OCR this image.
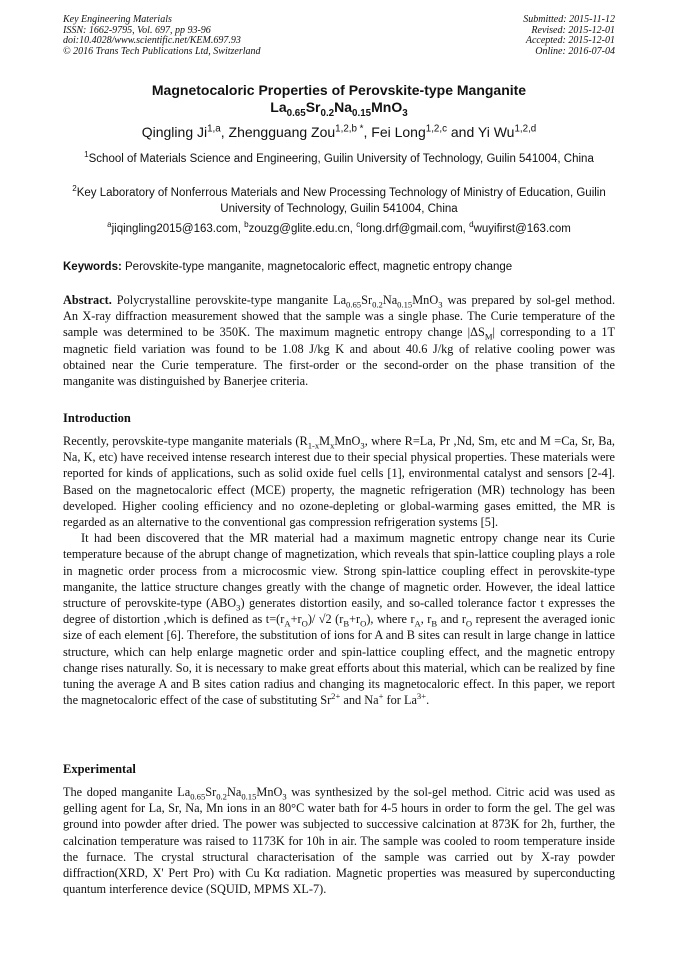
Key Engineering Materials
ISSN: 1662-9795, Vol. 697, pp 93-96
doi:10.4028/www.scientific.net/KEM.697.93
© 2016 Trans Tech Publications Ltd, Switzerland
Submitted: 2015-11-12
Revised: 2015-12-01
Accepted: 2015-12-01
Online: 2016-07-04
Magnetocaloric Properties of Perovskite-type Manganite
$La_{0.65}Sr_{0.2}Na_{0.15}MnO_3$
Qingling Ji$^{1,a}$, Zhengguang Zou$^{1,2,b *}$, Fei Long$^{1,2,c}$ and Yi Wu$^{1,2,d}$
$^1$School of Materials Science and Engineering, Guilin University of Technology, Guilin 541004, China
$^2$Key Laboratory of Nonferrous Materials and New Processing Technology of Ministry of Education, Guilin University of Technology, Guilin 541004, China
$^a$jiqingling2015@163.com, $^b$zouzg@glite.edu.cn, $^c$long.drf@gmail.com, $^d$wuyifirst@163.com
Keywords: Perovskite-type manganite, magnetocaloric effect, magnetic entropy change

Abstract. Polycrystalline perovskite-type manganite $La_{0.65}Sr_{0.2}Na_{0.15}MnO_3$ was prepared by sol-gel method. An X-ray diffraction measurement showed that the sample was a single phase. The Curie temperature of the sample was determined to be 350K. The maximum magnetic entropy change $|\Delta S_M|$ corresponding to a 1T magnetic field variation was found to be 1.08 J/kg K and about 40.6 J/kg of relative cooling power was obtained near the Curie temperature. The first-order or the second-order on the phase transition of the manganite was distinguished by Banerjee criteria.

Introduction

Recently, perovskite-type manganite materials ($R_{1-x}M_xMnO_3$, where R=La, Pr ,Nd, Sm, etc and M =Ca, Sr, Ba, Na, K, etc) have received intense research interest due to their special physical properties. These materials were reported for kinds of applications, such as solid oxide fuel cells [1], environmental catalyst and sensors [2-4]. Based on the magnetocaloric effect (MCE) property, the magnetic refrigeration (MR) technology has been developed. Higher cooling efficiency and no ozone-depleting or global-warming gases emitted, the MR is regarded as an alternative to the conventional gas compression refrigeration systems [5].

It had been discovered that the MR material had a maximum magnetic entropy change near its Curie temperature because of the abrupt change of magnetization, which reveals that spin-lattice coupling plays a role in magnetic order process from a microcosmic view. Strong spin-lattice coupling effect in perovskite-type manganite, the lattice structure changes greatly with the change of magnetic order. However, the ideal lattice structure of perovskite-type $(ABO_3)$ generates distortion easily, and so-called tolerance factor t expresses the degree of distortion ,which is defined as $t=(r_A+r_O)/$ √2 $(r_B+r_O)$, where $r_A$, $r_B$ and $r_O$ represent the averaged ionic size of each element [6]. Therefore, the substitution of ions for A and B sites can result in large change in lattice structure, which can help enlarge magnetic order and spin-lattice coupling effect, and the magnetic entropy change rises naturally. So, it is necessary to make great efforts about this material, which can be realized by fine tuning the average A and B sites cation radius and changing its magnetocaloric effect. In this paper, we report the magnetocaloric effect of the case of substituting $Sr^{2+}$ and Na+ for $La^{3+}$.

Experimental

The doped manganite $La_{0.65}Sr_{0.2}Na_{0.15}MnO_3$ was synthesized by the sol-gel method. Citric acid was used as gelling agent for La, Sr, Na, Mn ions in an 80°C water bath for 4-5 hours in order to form the gel. The gel was ground into powder after dried. The power was subjected to successive calcination at 873K for 2h, further, the calcination temperature was raised to 1173K for 10h in air. The sample was cooled to room temperature inside the furnace. The crystal structural characterisation of the sample was carried out by X-ray powder diffraction(XRD, X' Pert Pro) with Cu Kα radiation. Magnetic properties was measured by superconducting quantum interference device (SQUID, MPMS XL-7).
